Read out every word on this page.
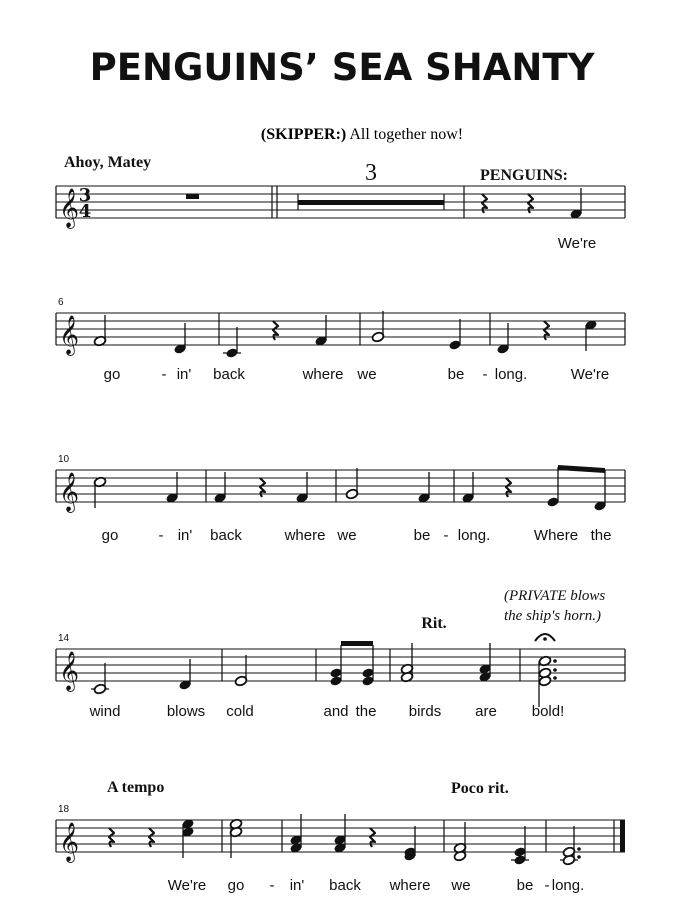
PENGUINS’ SEA SHANTY
(SKIPPER:) All together now!
𝄞 3
4
Ahoy, Matey	3	PENGUINS:
We're
𝄞
6
go	- in' back	where we	be - long.	We're
𝄞
10
go	- in' back	where we	be - long.	Where the
𝄞
14
Rit.
(PRIVATE blows
the ship's horn.)
wind	blows cold	and the birds are bold!
𝄞
18
A tempo	Poco rit.
We're go - in' back where we	be - long.
